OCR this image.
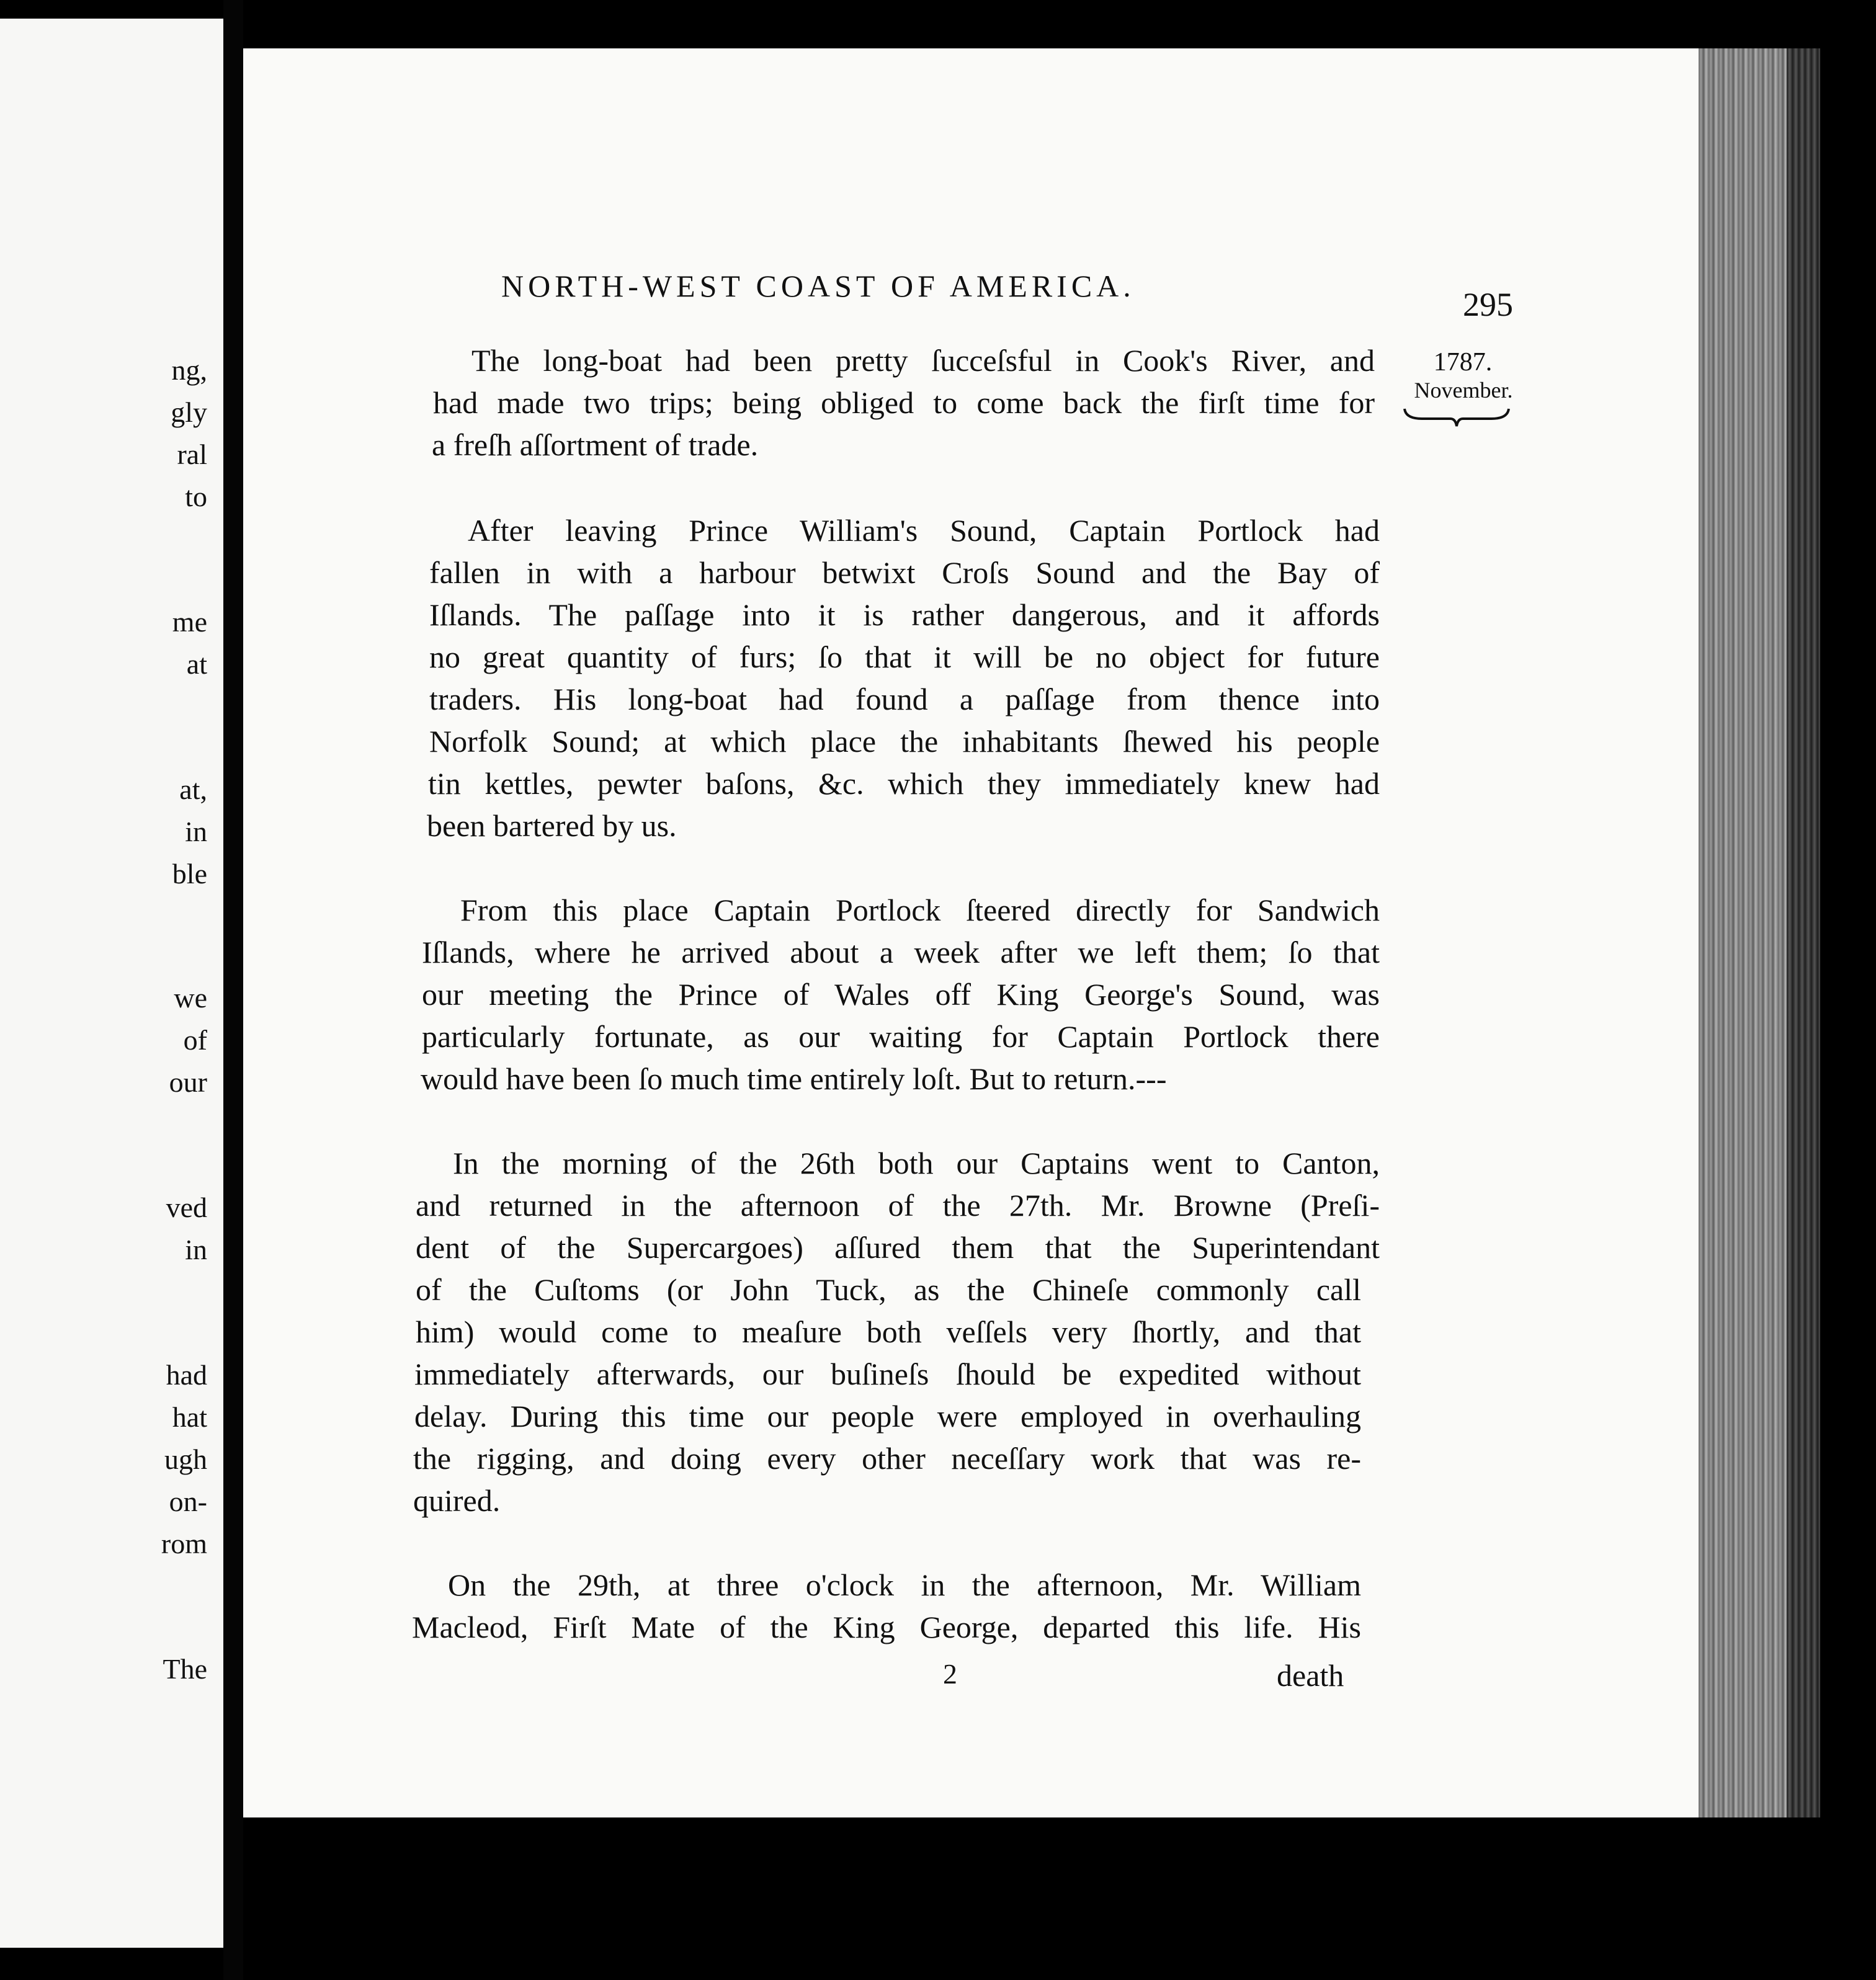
ng,
gly
ral
to
me
at
at,
in
ble
we
of
our
ved
in
had
hat
ugh
on-
rom
The
NORTH-WEST COAST OF AMERICA.	295
1787.
November.
The long-boat had been pretty ſucceſsful in Cook's River, and
had made two trips; being obliged to come back the firſt time for
a freſh aſſortment of trade.
After leaving Prince William's Sound, Captain Portlock had
fallen in with a harbour betwixt Croſs Sound and the Bay of
Iſlands. The paſſage into it is rather dangerous, and it affords
no great quantity of furs; ſo that it will be no object for future
traders. His long-boat had found a paſſage from thence into
Norfolk Sound; at which place the inhabitants ſhewed his people
tin kettles, pewter baſons, &c. which they immediately knew had
been bartered by us.
From this place Captain Portlock ſteered directly for Sandwich
Iſlands, where he arrived about a week after we left them; ſo that
our meeting the Prince of Wales off King George's Sound, was
particularly fortunate, as our waiting for Captain Portlock there
would have been ſo much time entirely loſt. But to return.---
In the morning of the 26th both our Captains went to Canton,
and returned in the afternoon of the 27th. Mr. Browne (Preſi-
dent of the Supercargoes) aſſured them that the Superintendant
of the Cuſtoms (or John Tuck, as the Chineſe commonly call
him) would come to meaſure both veſſels very ſhortly, and that
immediately afterwards, our buſineſs ſhould be expedited without
delay. During this time our people were employed in overhauling
the rigging, and doing every other neceſſary work that was re-
quired.
On the 29th, at three o'clock in the afternoon, Mr. William
Macleod, Firſt Mate of the King George, departed this life. His
2	death
